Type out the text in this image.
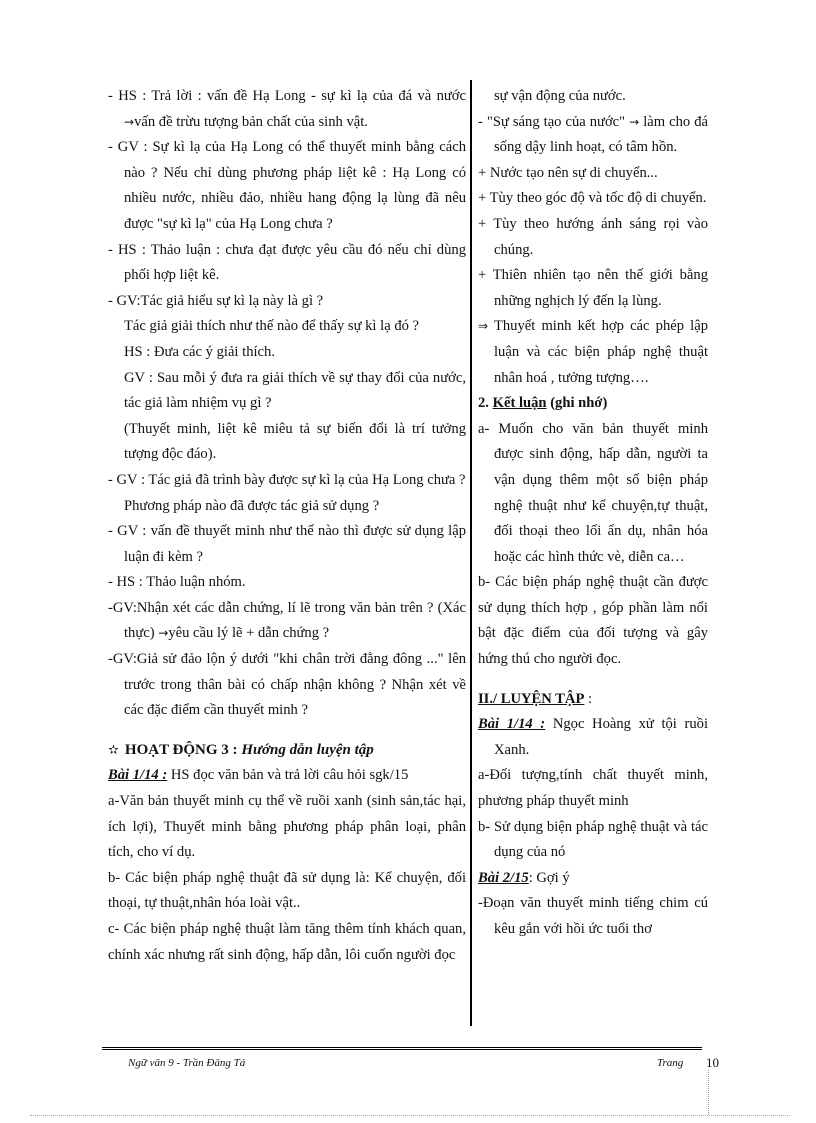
- HS : Trả lời : vấn đề Hạ Long - sự kì lạ của đá và nước →vấn đề trừu tượng bản chất của sinh vật.
- GV : Sự kì lạ của Hạ Long có thể thuyết minh bằng cách nào ? Nếu chỉ dùng phương pháp liệt kê : Hạ Long có nhiều nước, nhiều đảo, nhiều hang động lạ lùng đã nêu được "sự kì lạ" của Hạ Long chưa ?
- HS : Thảo luận : chưa đạt được yêu cầu đó nếu chỉ dùng phối hợp liệt kê.
- GV:Tác giả hiểu sự kì lạ này là gì ?
Tác giả giải thích như thế nào để thấy sự kì lạ đó ?
HS : Đưa các ý giải thích.
GV : Sau mỗi ý đưa ra giải thích về sự thay đổi của nước, tác giả làm nhiệm vụ gì ?
(Thuyết minh, liệt kê miêu tả sự biến đổi là trí tưởng tượng độc đáo).
- GV : Tác giả đã trình bày được sự kì lạ của Hạ Long chưa ?
Phương pháp nào đã được tác giả sử dụng ?
- GV : vấn đề thuyết minh như thế nào thì được sử dụng lập luận đi kèm ?
- HS : Thảo luận nhóm.
-GV:Nhận xét các dẫn chứng, lí lẽ trong văn bản trên ? (Xác thực) →yêu cầu lý lẽ + dẫn chứng ?
-GV:Giả sử đảo lộn ý dưới "khi chân trời đằng đông ..." lên trước trong thân bài có chấp nhận không ? Nhận xét về các đặc điểm cần thuyết minh ?
✫ HOẠT ĐỘNG 3 : Hướng dẫn luyện tập
Bài 1/14 : HS đọc văn bản và trả lời câu hỏi sgk/15
a-Văn bản thuyết minh cụ thể về ruồi xanh (sinh sản,tác hại, ích lợi), Thuyết minh bằng phương pháp phân loại, phân tích, cho ví dụ.
b- Các biện pháp nghệ thuật đã sử dụng là: Kể chuyện, đối thoại, tự thuật,nhân hóa loài vật..
c- Các biện pháp nghệ thuật làm tăng thêm tính khách quan, chính xác nhưng rất sinh động, hấp dẫn, lôi cuốn người đọc
sự vận động của nước.
- "Sự sáng tạo của nước" → làm cho đá sống dậy linh hoạt, có tâm hồn.
+ Nước tạo nên sự di chuyển...
+ Tùy theo góc độ và tốc độ di chuyển.
+ Tùy theo hướng ánh sáng rọi vào chúng.
+ Thiên nhiên tạo nên thế giới bằng những nghịch lý đến lạ lùng.
⇒ Thuyết minh kết hợp các phép lập luận và các biện pháp nghệ thuật nhân hoá , tưởng tượng….
2. Kết luận (ghi nhớ)
a- Muốn cho văn bản thuyết minh được sinh động, hấp dẫn, người ta vận dụng thêm một số biện pháp nghệ thuật như kể chuyện,tự thuật, đối thoại theo lối ẩn dụ, nhân hóa hoặc các hình thức vè, diễn ca…
b- Các biện pháp nghệ thuật cần được sử dụng thích hợp , góp phần làm nổi bật đặc điểm của đối tượng và gây hứng thú cho người đọc.
II./ LUYỆN TẬP :
Bài 1/14 : Ngọc Hoàng xử tội ruồi Xanh.
a-Đối tượng,tính chất thuyết minh, phương pháp thuyết minh
b- Sử dụng biện pháp nghệ thuật và tác dụng của nó
Bài 2/15: Gợi ý
-Đoạn văn thuyết minh tiếng chim cú kêu gắn với hồi ức tuổi thơ
Ngữ văn 9 - Trần Đăng Tá	Trang 10
